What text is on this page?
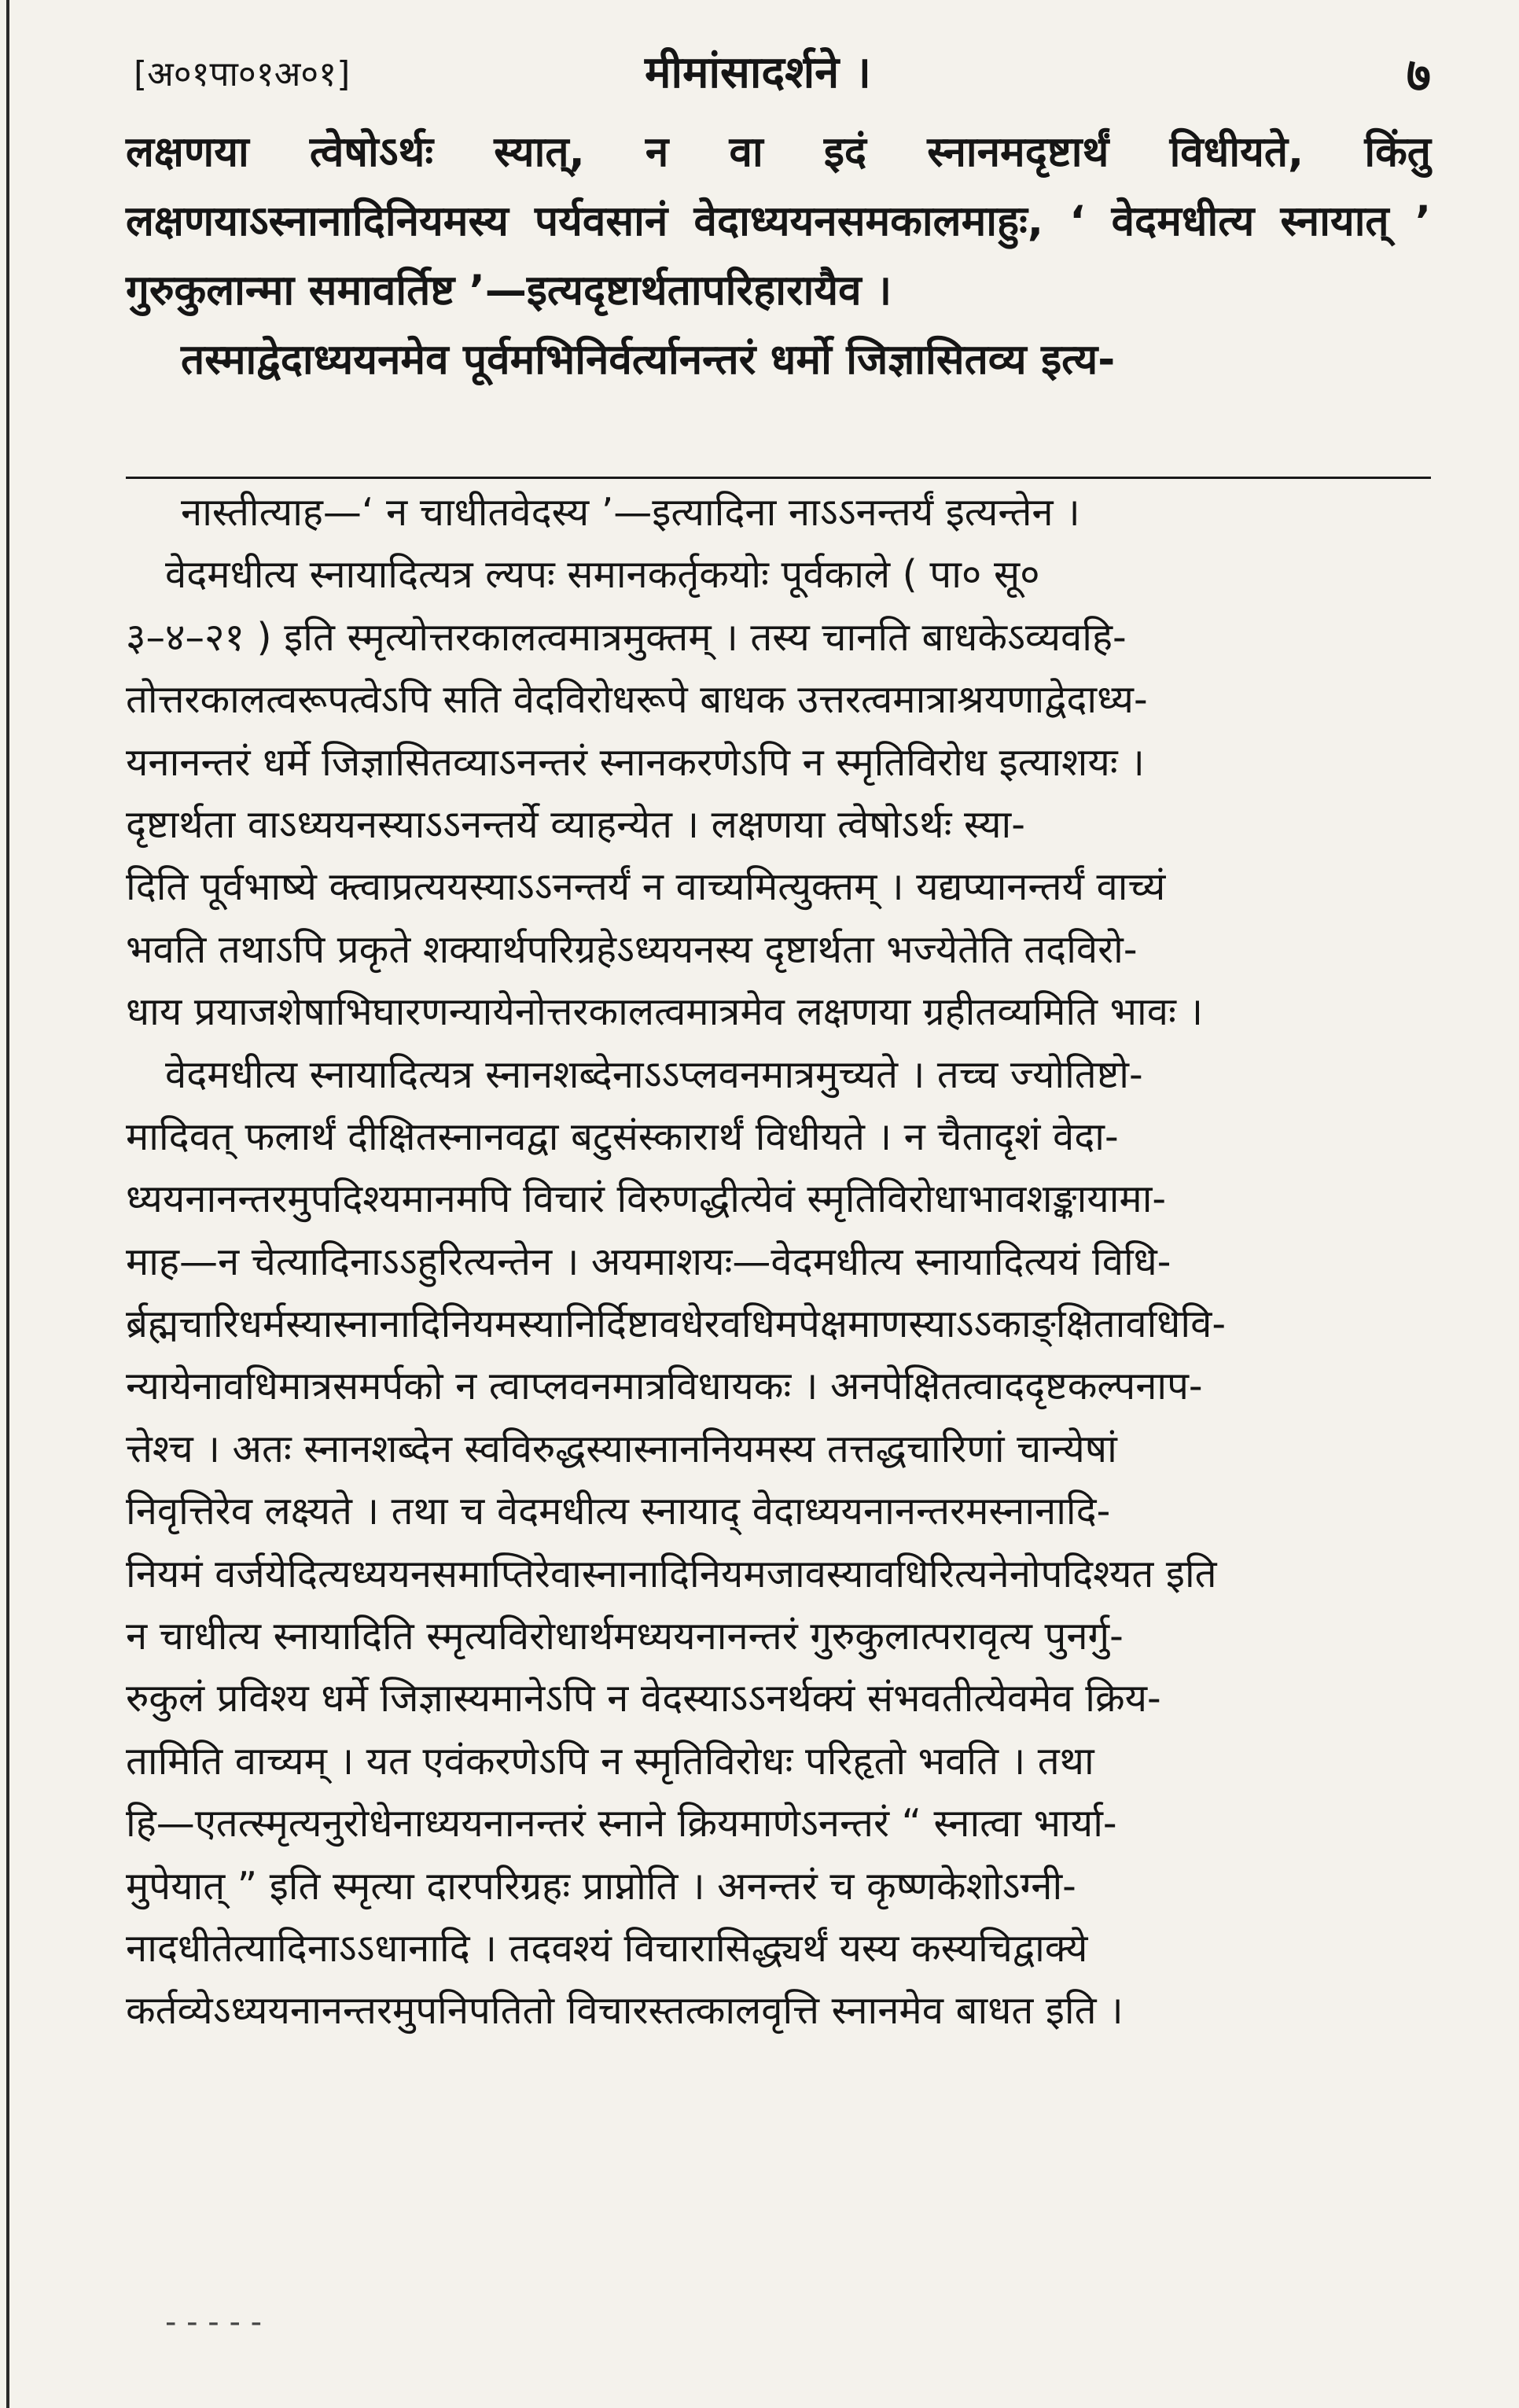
[अ०१पा०१अ०१]	मीमांसादर्शने ।	७

लक्षणया त्वेषोऽर्थः स्यात्, न वा इदं स्नानमदृष्टार्थं विधीयते, किंतु लक्षणयाऽस्नानादिनियमस्य पर्यवसानं वेदाध्ययनसमकालमाहुः, ‘ वेदमधीत्य स्नायात् ’ गुरुकुलान्मा समावर्तिष्ट ’—इत्यदृष्टार्थतापरिहारायैव ।

तस्माद्वेदाध्ययनमेव पूर्वमभिनिर्वर्त्यानन्तरं धर्मो जिज्ञासितव्य इत्य-

नास्तीत्याह—‘ न चाधीतवेदस्य ’—इत्यादिना नाऽऽनन्तर्यं इत्यन्तेन ।
वेदमधीत्य स्नायादित्यत्र ल्यपः समानकर्तृकयोः पूर्वकाले ( पा० सू०
३–४–२१ ) इति स्मृत्योत्तरकालत्वमात्रमुक्तम् । तस्य चानति बाधकेऽव्यवहि-
तोत्तरकालत्वरूपत्वेऽपि सति वेदविरोधरूपे बाधक उत्तरत्वमात्राश्रयणाद्वेदाध्य-
यनानन्तरं धर्मे जिज्ञासितव्याऽनन्तरं स्नानकरणेऽपि न स्मृतिविरोध इत्याशयः ।
दृष्टार्थता वाऽध्ययनस्याऽऽनन्तर्ये व्याहन्येत । लक्षणया त्वेषोऽर्थः स्या-
दिति पूर्वभाष्ये क्त्वाप्रत्ययस्याऽऽनन्तर्यं न वाच्यमित्युक्तम् । यद्यप्यानन्तर्यं वाच्यं
भवति तथाऽपि प्रकृते शक्यार्थपरिग्रहेऽध्ययनस्य दृष्टार्थता भज्येतेति तदविरो-
धाय प्रयाजशेषाभिघारणन्यायेनोत्तरकालत्वमात्रमेव लक्षणया ग्रहीतव्यमिति भावः ।
वेदमधीत्य स्नायादित्यत्र स्नानशब्देनाऽऽप्लवनमात्रमुच्यते । तच्च ज्योतिष्टो-
मादिवत् फलार्थं दीक्षितस्नानवद्वा बटुसंस्कारार्थं विधीयते । न चैतादृशं वेदा-
ध्ययनानन्तरमुपदिश्यमानमपि विचारं विरुणद्धीत्येवं स्मृतिविरोधाभावशङ्कायामा-
माह—न चेत्यादिनाऽऽहुरित्यन्तेन । अयमाशयः—वेदमधीत्य स्नायादित्ययं विधि-
र्ब्रह्मचारिधर्मस्यास्नानादिनियमस्यानिर्दिष्टावधेरवधिमपेक्षमाणस्याऽऽकाङ्क्षितावधिवि-
न्यायेनावधिमात्रसमर्पको न त्वाप्लवनमात्रविधायकः । अनपेक्षितत्वाददृष्टकल्पनाप-
त्तेश्च । अतः स्नानशब्देन स्वविरुद्धस्यास्नाननियमस्य तत्तद्धचारिणां चान्येषां
निवृत्तिरेव लक्ष्यते । तथा च वेदमधीत्य स्नायाद् वेदाध्ययनानन्तरमस्नानादि-
नियमं वर्जयेदित्यध्ययनसमाप्तिरेवास्नानादिनियमजावस्यावधिरित्यनेनोपदिश्यत इति
न चाधीत्य स्नायादिति स्मृत्यविरोधार्थमध्ययनानन्तरं गुरुकुलात्परावृत्य पुनर्गु-
रुकुलं प्रविश्य धर्मे जिज्ञास्यमानेऽपि न वेदस्याऽऽनर्थक्यं संभवतीत्येवमेव क्रिय-
तामिति वाच्यम् । यत एवंकरणेऽपि न स्मृतिविरोधः परिहृतो भवति । तथा
हि—एतत्स्मृत्यनुरोधेनाध्ययनानन्तरं स्नाने क्रियमाणेऽनन्तरं “ स्नात्वा भार्या-
मुपेयात् ” इति स्मृत्या दारपरिग्रहः प्राप्नोति । अनन्तरं च कृष्णकेशोऽग्नी-
नादधीतेत्यादिनाऽऽधानादि । तदवश्यं विचारासिद्ध्यर्थं यस्य कस्यचिद्वाक्ये
कर्तव्येऽध्ययनानन्तरमुपनिपतितो विचारस्तत्कालवृत्ति स्नानमेव बाधत इति ।
‐ ‐ ‐ ‐ ‐
